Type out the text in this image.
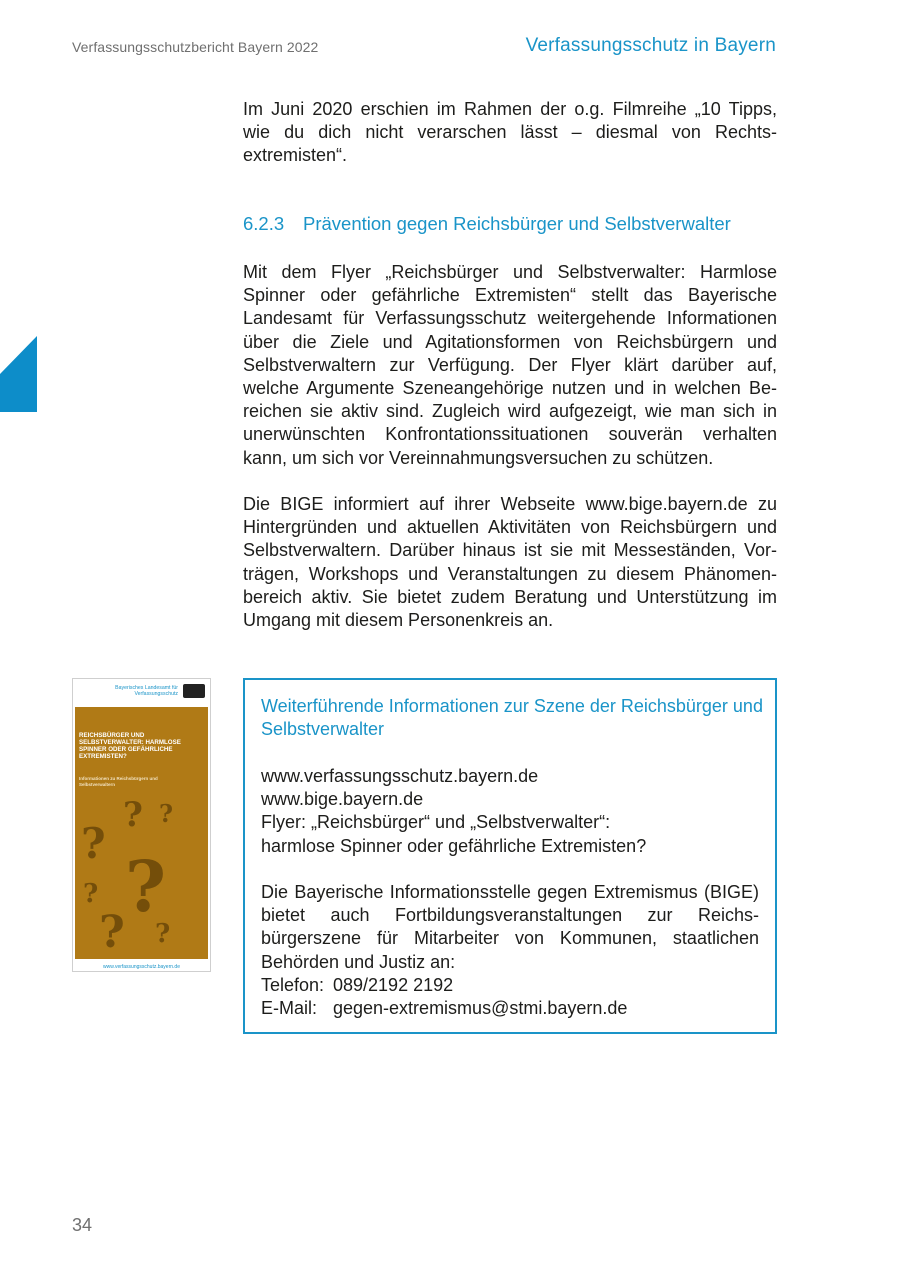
Verfassungsschutzbericht Bayern 2022	Verfassungsschutz in Bayern

Im Juni 2020 erschien im Rahmen der o.g. Filmreihe „10 Tipps, wie du dich nicht verarschen lässt – diesmal von Rechtsextremisten“.

6.2.3 Prävention gegen Reichsbürger und Selbstverwalter

Mit dem Flyer „Reichsbürger und Selbstverwalter: Harmlose Spinner oder gefährliche Extremisten“ stellt das Bayerische Landesamt für Verfassungsschutz weitergehende Informationen über die Ziele und Agitationsformen von Reichsbürgern und Selbstverwaltern zur Verfügung. Der Flyer klärt darüber auf, welche Argumente Szeneangehörige nutzen und in welchen Bereichen sie aktiv sind. Zugleich wird aufgezeigt, wie man sich in unerwünschten Konfrontationssituationen souverän verhalten kann, um sich vor Vereinnahmungsversuchen zu schützen.

Die BIGE informiert auf ihrer Webseite www.bige.bayern.de zu Hintergründen und aktuellen Aktivitäten von Reichsbürgern und Selbstverwaltern. Darüber hinaus ist sie mit Messeständen, Vorträgen, Workshops und Veranstaltungen zu diesem Phänomenbereich aktiv. Sie bietet zudem Beratung und Unterstützung im Umgang mit diesem Personenkreis an.

Bayerisches Landesamt für Verfassungsschutz
REICHSBÜRGER UND SELBSTVERWALTER: HARMLOSE SPINNER ODER GEFÄHRLICHE EXTREMISTEN?
Informationen zu Reichsbürgern und Selbstverwaltern
? ?
?
?
?
? ?
www.verfassungsschutz.bayern.de
Weiterführende Informationen zur Szene der Reichsbürger und Selbstverwalter
www.verfassungsschutz.bayern.de
www.bige.bayern.de
Flyer: „Reichsbürger“ und „Selbstverwalter“:
harmlose Spinner oder gefährliche Extremisten?
Die Bayerische Informationsstelle gegen Extremismus (BIGE) bietet auch Fortbildungsveranstaltungen zur Reichsbürgerszene für Mitarbeiter von Kommunen, staatlichen Behörden und Justiz an:
Telefon: 089/2192 2192
E-Mail: gegen-extremismus@stmi.bayern.de
34
